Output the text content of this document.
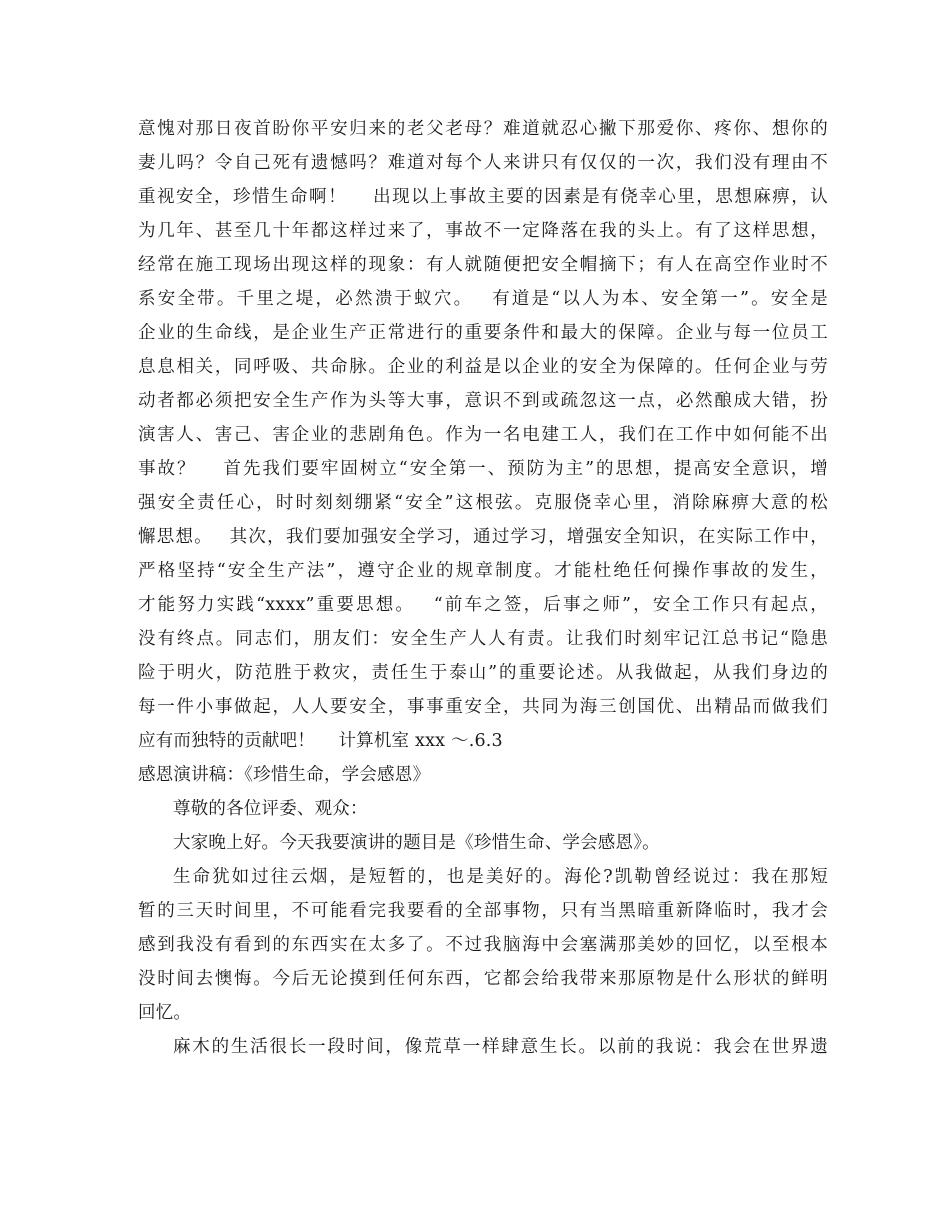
意愧对那日夜首盼你平安归来的老父老母？难道就忍心撇下那爱你、疼你、想你的
妻儿吗？令自己死有遗憾吗？难道对每个人来讲只有仅仅的一次，我们没有理由不
重视安全，珍惜生命啊！　 出现以上事故主要的因素是有侥幸心里，思想麻痹，认
为几年、甚至几十年都这样过来了，事故不一定降落在我的头上。有了这样思想，
经常在施工现场出现这样的现象：有人就随便把安全帽摘下；有人在高空作业时不
系安全带。千里之堤，必然溃于蚁穴。　 有道是“以人为本、安全第一”。安全是
企业的生命线，是企业生产正常进行的重要条件和最大的保障。企业与每一位员工
息息相关，同呼吸、共命脉。企业的利益是以企业的安全为保障的。任何企业与劳
动者都必须把安全生产作为头等大事，意识不到或疏忽这一点，必然酿成大错，扮
演害人、害己、害企业的悲剧角色。作为一名电建工人，我们在工作中如何能不出
事故？　 首先我们要牢固树立“安全第一、预防为主”的思想，提高安全意识，增
强安全责任心，时时刻刻绷紧“安全”这根弦。克服侥幸心里，消除麻痹大意的松
懈思想。　 其次，我们要加强安全学习，通过学习，增强安全知识，在实际工作中，
严格坚持“安全生产法”，遵守企业的规章制度。才能杜绝任何操作事故的发生，
才能努力实践“xxxx”重要思想。　 “前车之签，后事之师”，安全工作只有起点，
没有终点。同志们，朋友们：安全生产人人有责。让我们时刻牢记江总书记“隐患
险于明火，防范胜于救灾，责任生于泰山”的重要论述。从我做起，从我们身边的
每一件小事做起，人人要安全，事事重安全，共同为海三创国优、出精品而做我们
应有而独特的贡献吧！　 计算机室 xxx ～.6.3
感恩演讲稿：《珍惜生命，学会感恩》
尊敬的各位评委、观众：
大家晚上好。今天我要演讲的题目是《珍惜生命、学会感恩》。
生命犹如过往云烟，是短暂的，也是美好的。海伦?凯勒曾经说过：我在那短
暂的三天时间里，不可能看完我要看的全部事物，只有当黑暗重新降临时，我才会
感到我没有看到的东西实在太多了。不过我脑海中会塞满那美妙的回忆，以至根本
没时间去懊悔。今后无论摸到任何东西，它都会给我带来那原物是什么形状的鲜明
回忆。
麻木的生活很长一段时间，像荒草一样肆意生长。以前的我说：我会在世界遗
